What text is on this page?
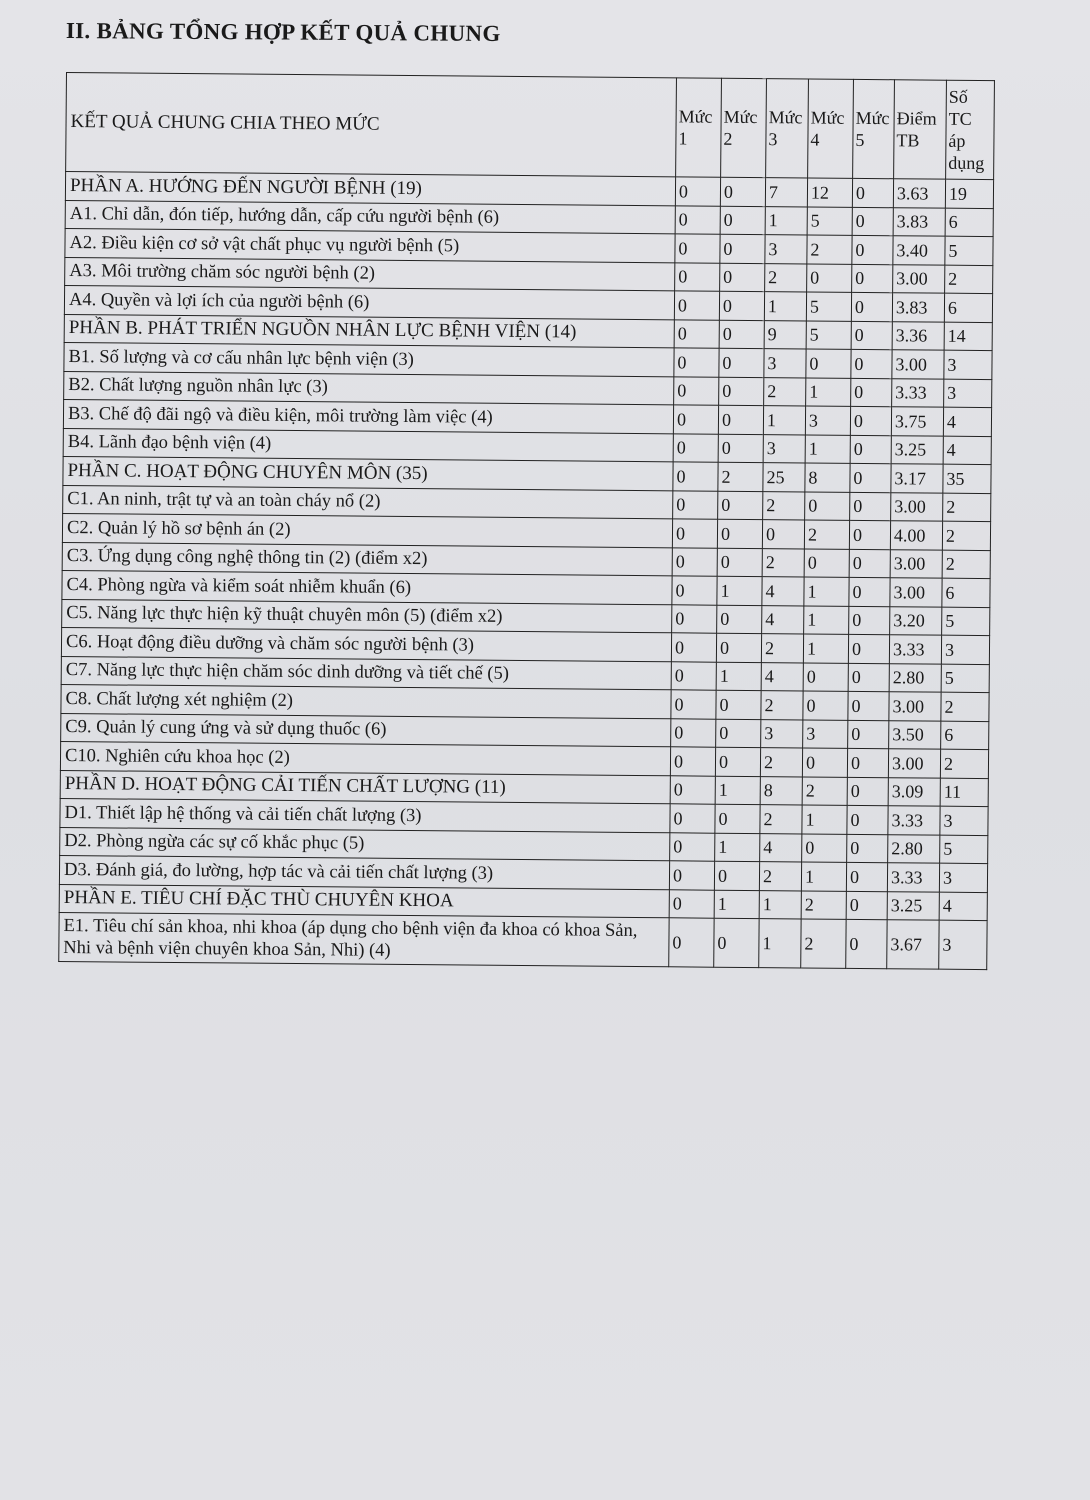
II. BẢNG TỔNG HỢP KẾT QUẢ CHUNG
KẾT QUẢ CHUNG CHIA THEO MỨC	Mức 1	Mức 2	Mức 3	Mức 4	Mức 5	Điểm TB	Số TC áp dụng
PHẦN A. HƯỚNG ĐẾN NGƯỜI BỆNH (19)	0	0	7	12	0	3.63	19
A1. Chỉ dẫn, đón tiếp, hướng dẫn, cấp cứu người bệnh (6)	0	0	1	5	0	3.83	6
A2. Điều kiện cơ sở vật chất phục vụ người bệnh (5)	0	0	3	2	0	3.40	5
A3. Môi trường chăm sóc người bệnh (2)	0	0	2	0	0	3.00	2
A4. Quyền và lợi ích của người bệnh (6)	0	0	1	5	0	3.83	6
PHẦN B. PHÁT TRIỂN NGUỒN NHÂN LỰC BỆNH VIỆN (14)	0	0	9	5	0	3.36	14
B1. Số lượng và cơ cấu nhân lực bệnh viện (3)	0	0	3	0	0	3.00	3
B2. Chất lượng nguồn nhân lực (3)	0	0	2	1	0	3.33	3
B3. Chế độ đãi ngộ và điều kiện, môi trường làm việc (4)	0	0	1	3	0	3.75	4
B4. Lãnh đạo bệnh viện (4)	0	0	3	1	0	3.25	4
PHẦN C. HOẠT ĐỘNG CHUYÊN MÔN (35)	0	2	25	8	0	3.17	35
C1. An ninh, trật tự và an toàn cháy nổ (2)	0	0	2	0	0	3.00	2
C2. Quản lý hồ sơ bệnh án (2)	0	0	0	2	0	4.00	2
C3. Ứng dụng công nghệ thông tin (2) (điểm x2)	0	0	2	0	0	3.00	2
C4. Phòng ngừa và kiểm soát nhiễm khuẩn (6)	0	1	4	1	0	3.00	6
C5. Năng lực thực hiện kỹ thuật chuyên môn (5) (điểm x2)	0	0	4	1	0	3.20	5
C6. Hoạt động điều dưỡng và chăm sóc người bệnh (3)	0	0	2	1	0	3.33	3
C7. Năng lực thực hiện chăm sóc dinh dưỡng và tiết chế (5)	0	1	4	0	0	2.80	5
C8. Chất lượng xét nghiệm (2)	0	0	2	0	0	3.00	2
C9. Quản lý cung ứng và sử dụng thuốc (6)	0	0	3	3	0	3.50	6
C10. Nghiên cứu khoa học (2)	0	0	2	0	0	3.00	2
PHẦN D. HOẠT ĐỘNG CẢI TIẾN CHẤT LƯỢNG (11)	0	1	8	2	0	3.09	11
D1. Thiết lập hệ thống và cải tiến chất lượng (3)	0	0	2	1	0	3.33	3
D2. Phòng ngừa các sự cố khắc phục (5)	0	1	4	0	0	2.80	5
D3. Đánh giá, đo lường, hợp tác và cải tiến chất lượng (3)	0	0	2	1	0	3.33	3
PHẦN E. TIÊU CHÍ ĐẶC THÙ CHUYÊN KHOA	0	1	1	2	0	3.25	4
E1. Tiêu chí sản khoa, nhi khoa (áp dụng cho bệnh viện đa khoa có khoa Sản, Nhi và bệnh viện chuyên khoa Sản, Nhi) (4)	0	0	1	2	0	3.67	3
